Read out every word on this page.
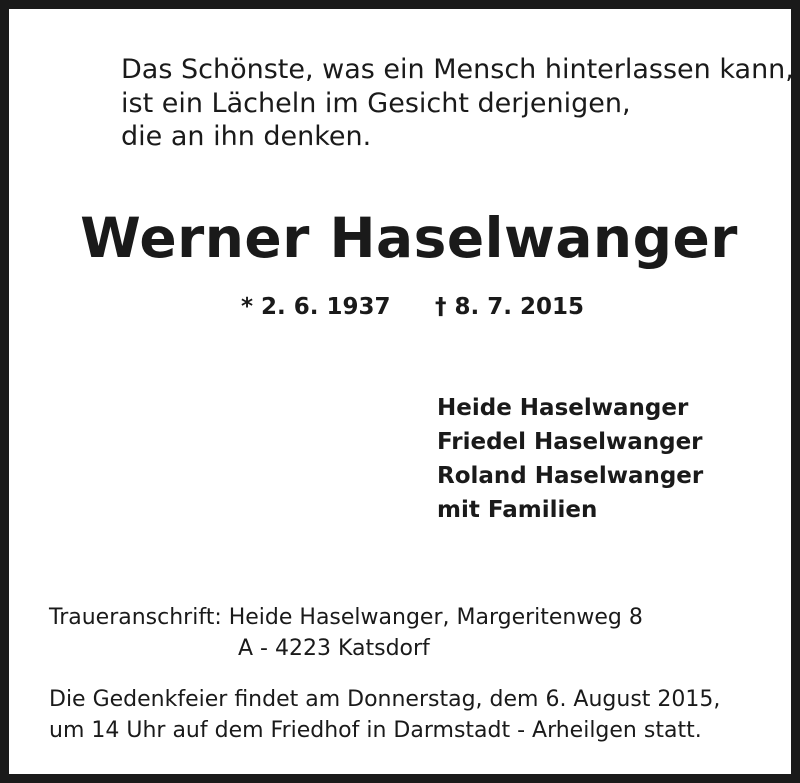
Das Schönste, was ein Mensch hinterlassen kann,
ist ein Lächeln im Gesicht derjenigen,
die an ihn denken.
Werner Haselwanger
* 2. 6. 1937 † 8. 7. 2015
Heide Haselwanger
Friedel Haselwanger
Roland Haselwanger
mit Familien
Traueranschrift: Heide Haselwanger, Margeritenweg 8
A - 4223 Katsdorf
Die Gedenkfeier findet am Donnerstag, dem 6. August 2015,
um 14 Uhr auf dem Friedhof in Darmstadt - Arheilgen statt.
